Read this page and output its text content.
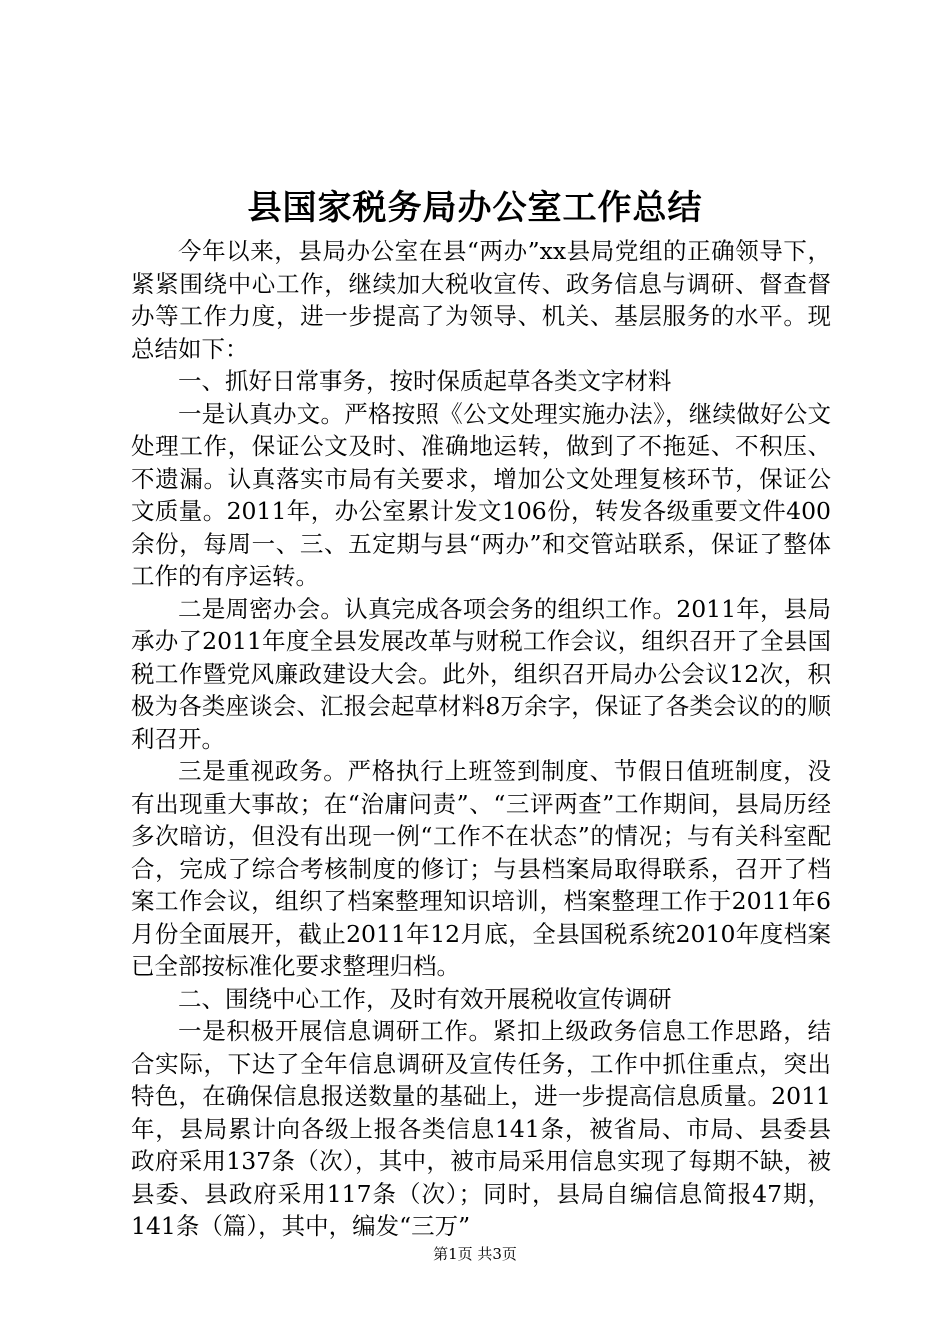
县国家税务局办公室工作总结

今年以来，县局办公室在县“两办”xx县局党组的正确领导下，紧紧围绕中心工作，继续加大税收宣传、政务信息与调研、督查督办等工作力度，进一步提高了为领导、机关、基层服务的水平。现总结如下：

一、抓好日常事务，按时保质起草各类文字材料

一是认真办文。严格按照《公文处理实施办法》，继续做好公文处理工作，保证公文及时、准确地运转，做到了不拖延、不积压、不遗漏。认真落实市局有关要求，增加公文处理复核环节，保证公文质量。2011年，办公室累计发文106份，转发各级重要文件400余份，每周一、三、五定期与县“两办”和交管站联系，保证了整体工作的有序运转。

二是周密办会。认真完成各项会务的组织工作。2011年，县局承办了2011年度全县发展改革与财税工作会议，组织召开了全县国税工作暨党风廉政建设大会。此外，组织召开局办公会议12次，积极为各类座谈会、汇报会起草材料8万余字，保证了各类会议的的顺利召开。

三是重视政务。严格执行上班签到制度、节假日值班制度，没有出现重大事故；在“治庸问责”、“三评两查”工作期间，县局历经多次暗访，但没有出现一例“工作不在状态”的情况；与有关科室配合，完成了综合考核制度的修订；与县档案局取得联系，召开了档案工作会议，组织了档案整理知识培训，档案整理工作于2011年6月份全面展开，截止2011年12月底，全县国税系统2010年度档案已全部按标准化要求整理归档。

二、围绕中心工作，及时有效开展税收宣传调研

一是积极开展信息调研工作。紧扣上级政务信息工作思路，结合实际，下达了全年信息调研及宣传任务，工作中抓住重点，突出特色，在确保信息报送数量的基础上，进一步提高信息质量。2011年，县局累计向各级上报各类信息141条，被省局、市局、县委县政府采用137条（次），其中，被市局采用信息实现了每期不缺，被县委、县政府采用117条（次）；同时，县局自编信息简报47期，141条（篇），其中，编发“三万”

第1页 共3页
